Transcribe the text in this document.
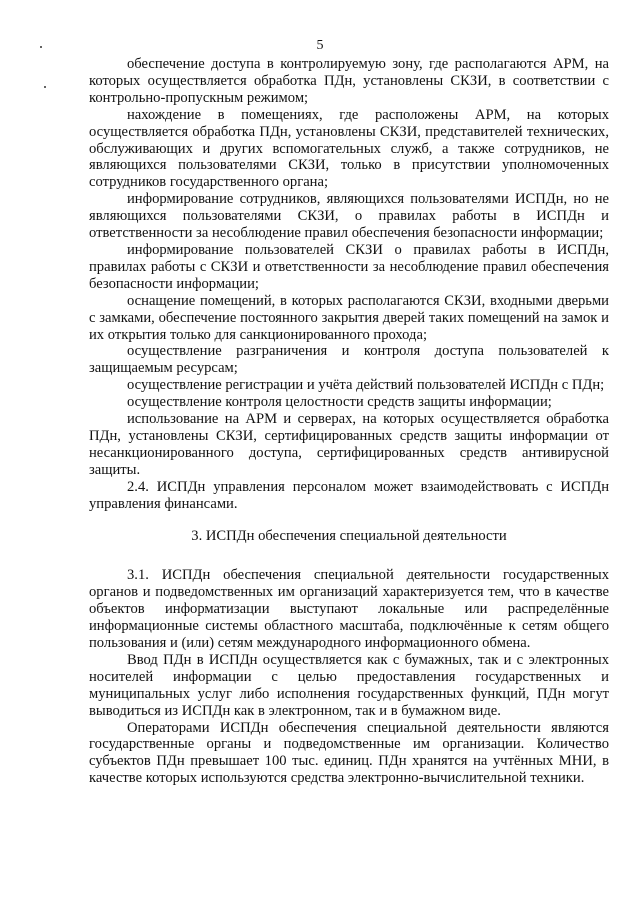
5

обеспечение доступа в контролируемую зону, где располагаются АРМ, на которых осуществляется обработка ПДн, установлены СКЗИ, в соответствии с контрольно-пропускным режимом;

нахождение в помещениях, где расположены АРМ, на которых осуществляется обработка ПДн, установлены СКЗИ, представителей технических, обслуживающих и других вспомогательных служб, а также сотрудников, не являющихся пользователями СКЗИ, только в присутствии уполномоченных сотрудников государственного органа;

информирование сотрудников, являющихся пользователями ИСПДн, но не являющихся пользователями СКЗИ, о правилах работы в ИСПДн и ответственности за несоблюдение правил обеспечения безопасности информации;

информирование пользователей СКЗИ о правилах работы в ИСПДн, правилах работы с СКЗИ и ответственности за несоблюдение правил обеспечения безопасности информации;

оснащение помещений, в которых располагаются СКЗИ, входными дверьми с замками, обеспечение постоянного закрытия дверей таких помещений на замок и их открытия только для санкционированного прохода;

осуществление разграничения и контроля доступа пользователей к защищаемым ресурсам;

осуществление регистрации и учёта действий пользователей ИСПДн с ПДн;

осуществление контроля целостности средств защиты информации;

использование на АРМ и серверах, на которых осуществляется обработка ПДн, установлены СКЗИ, сертифицированных средств защиты информации от несанкционированного доступа, сертифицированных средств антивирусной защиты.

2.4. ИСПДн управления персоналом может взаимодействовать с ИСПДн управления финансами.

3. ИСПДн обеспечения специальной деятельности

3.1. ИСПДн обеспечения специальной деятельности государственных органов и подведомственных им организаций характеризуется тем, что в качестве объектов информатизации выступают локальные или распределённые информационные системы областного масштаба, подключённые к сетям общего пользования и (или) сетям международного информационного обмена.

Ввод ПДн в ИСПДн осуществляется как с бумажных, так и с электронных носителей информации с целью предоставления государственных и муниципальных услуг либо исполнения государственных функций, ПДн могут выводиться из ИСПДн как в электронном, так и в бумажном виде.

Операторами ИСПДн обеспечения специальной деятельности являются государственные органы и подведомственные им организации. Количество субъектов ПДн превышает 100 тыс. единиц. ПДн хранятся на учтённых МНИ, в качестве которых используются средства электронно-вычислительной техники.
